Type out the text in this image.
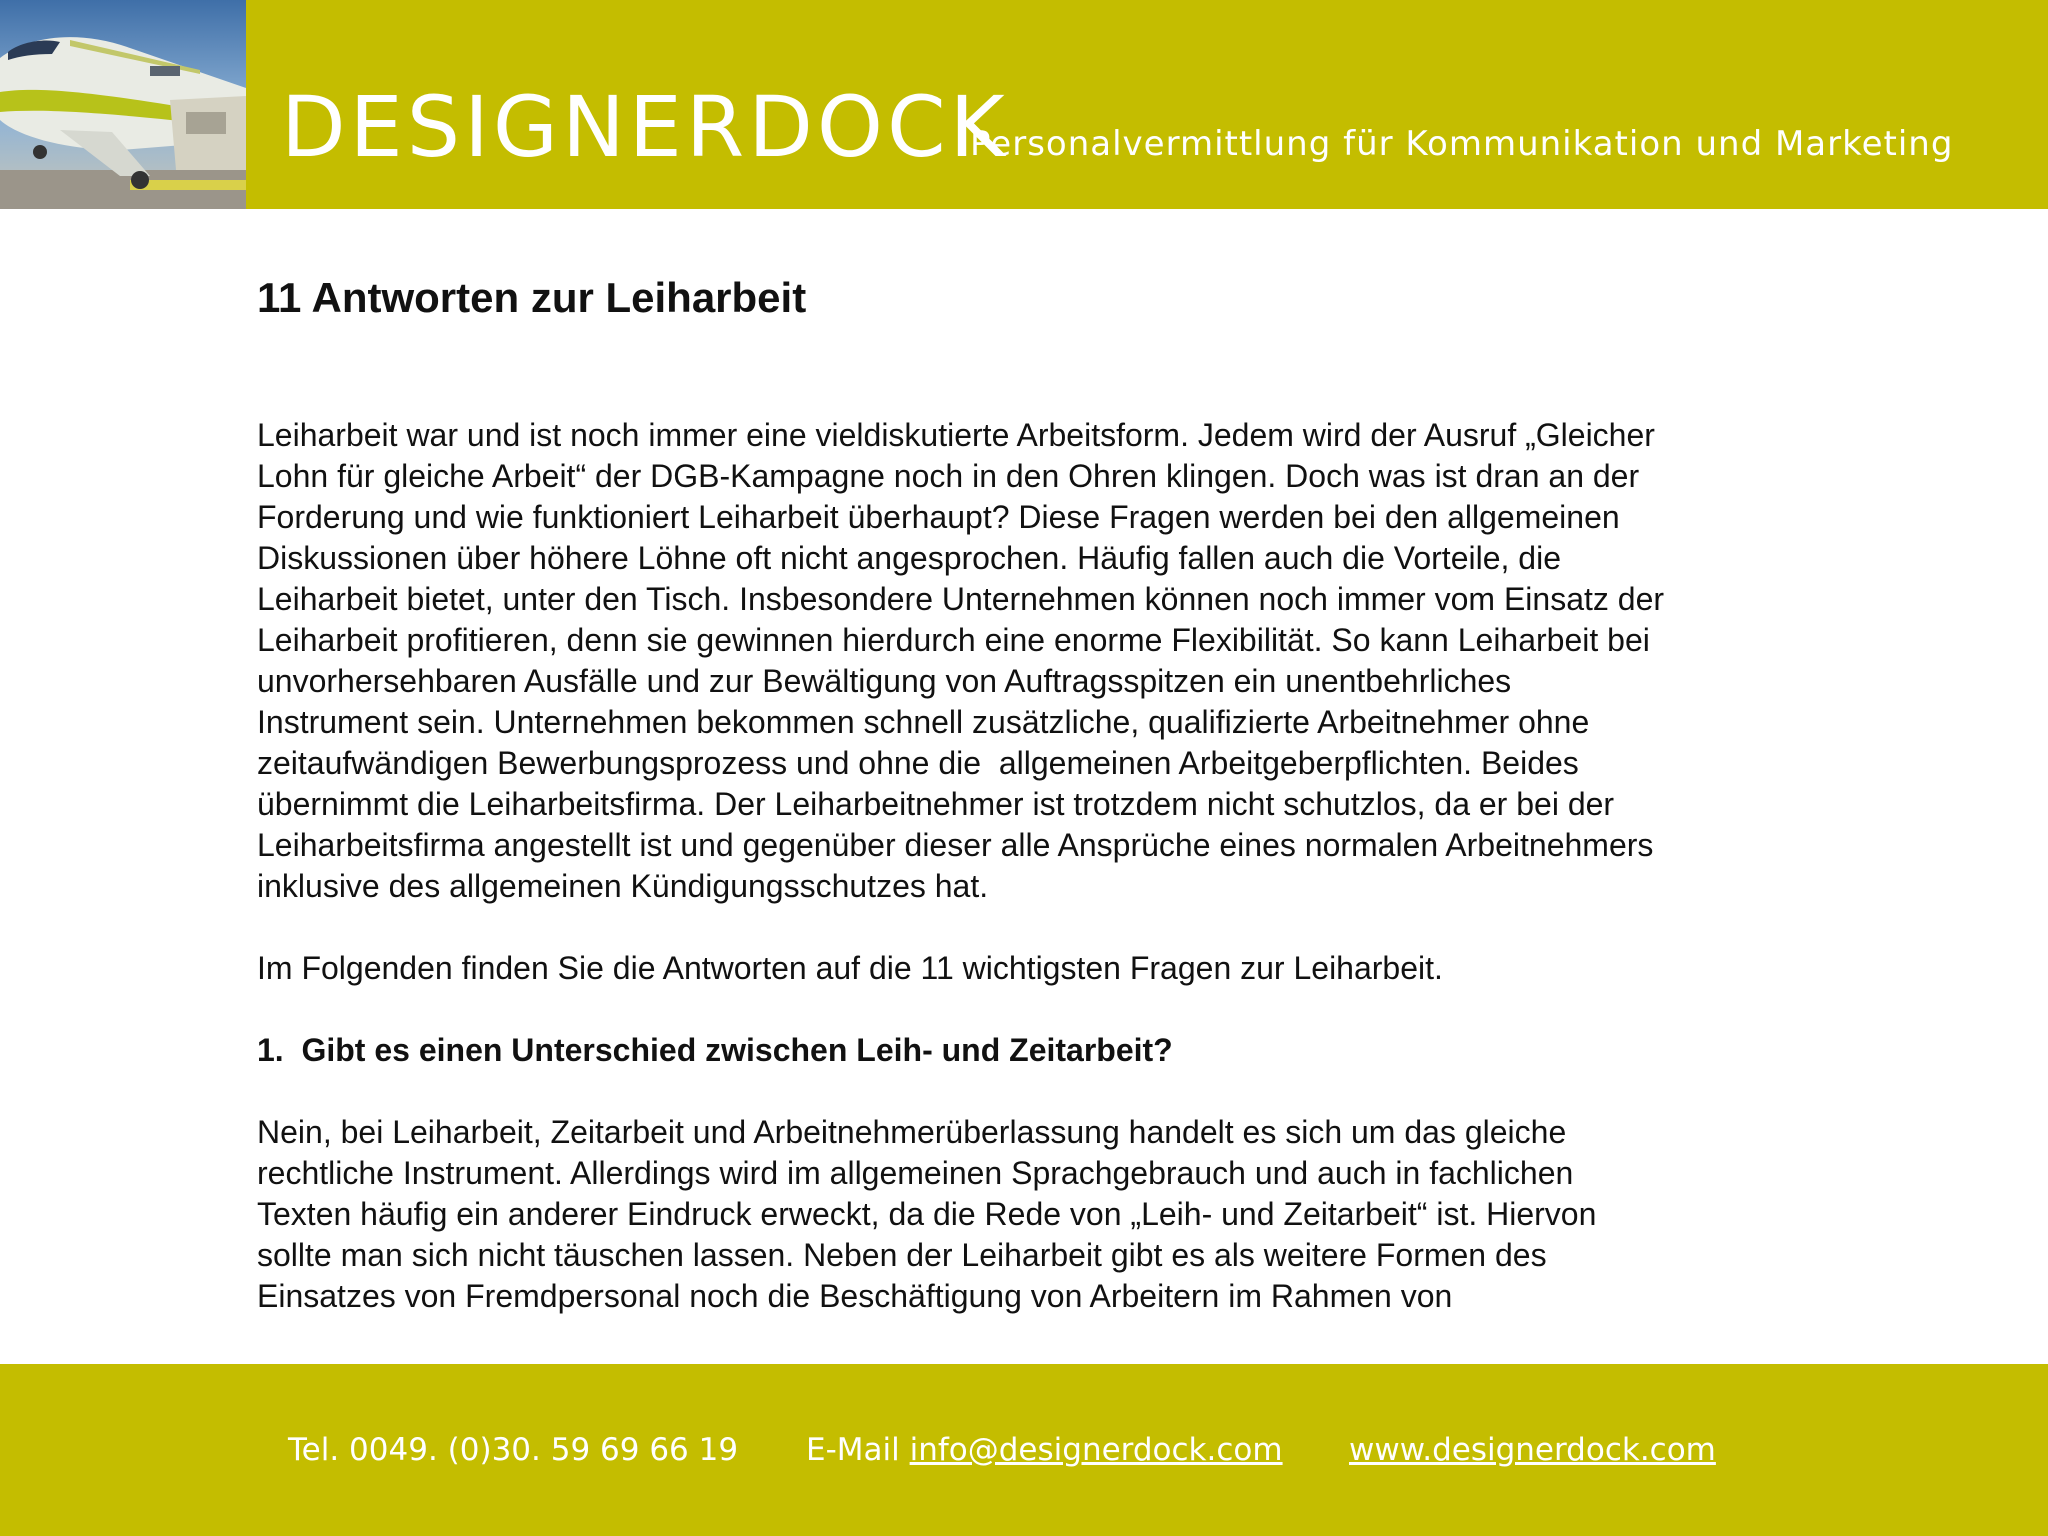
DESIGNERDOCK
Personalvermittlung für Kommunikation und Marketing
11 Antworten zur Leiharbeit
Leiharbeit war und ist noch immer eine vieldiskutierte Arbeitsform. Jedem wird der Ausruf „Gleicher
Lohn für gleiche Arbeit“ der DGB-Kampagne noch in den Ohren klingen. Doch was ist dran an der
Forderung und wie funktioniert Leiharbeit überhaupt? Diese Fragen werden bei den allgemeinen
Diskussionen über höhere Löhne oft nicht angesprochen. Häufig fallen auch die Vorteile, die
Leiharbeit bietet, unter den Tisch. Insbesondere Unternehmen können noch immer vom Einsatz der
Leiharbeit profitieren, denn sie gewinnen hierdurch eine enorme Flexibilität. So kann Leiharbeit bei
unvorhersehbaren Ausfälle und zur Bewältigung von Auftragsspitzen ein unentbehrliches
Instrument sein. Unternehmen bekommen schnell zusätzliche, qualifizierte Arbeitnehmer ohne
zeitaufwändigen Bewerbungsprozess und ohne die  allgemeinen Arbeitgeberpflichten. Beides
übernimmt die Leiharbeitsfirma. Der Leiharbeitnehmer ist trotzdem nicht schutzlos, da er bei der
Leiharbeitsfirma angestellt ist und gegenüber dieser alle Ansprüche eines normalen Arbeitnehmers
inklusive des allgemeinen Kündigungsschutzes hat.
Im Folgenden finden Sie die Antworten auf die 11 wichtigsten Fragen zur Leiharbeit.
1. Gibt es einen Unterschied zwischen Leih- und Zeitarbeit?
Nein, bei Leiharbeit, Zeitarbeit und Arbeitnehmerüberlassung handelt es sich um das gleiche
rechtliche Instrument. Allerdings wird im allgemeinen Sprachgebrauch und auch in fachlichen
Texten häufig ein anderer Eindruck erweckt, da die Rede von „Leih- und Zeitarbeit“ ist. Hiervon
sollte man sich nicht täuschen lassen. Neben der Leiharbeit gibt es als weitere Formen des
Einsatzes von Fremdpersonal noch die Beschäftigung von Arbeitern im Rahmen von
Tel. 0049. (0)30. 59 69 66 19 E-Mail info@designerdock.com www.designerdock.com
